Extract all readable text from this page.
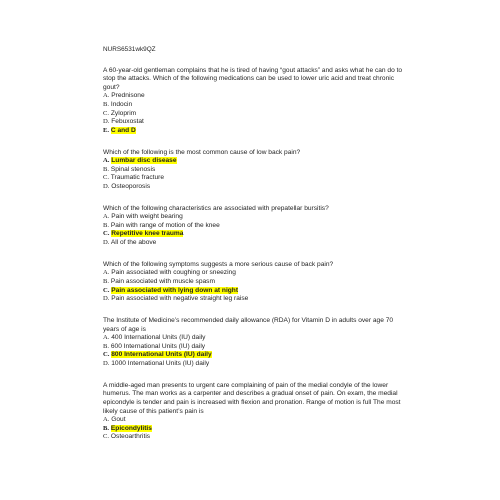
NURS6531wk9QZ
A 60-year-old gentleman complains that he is tired of having “gout attacks” and asks what he can do to stop the attacks. Which of the following medications can be used to lower uric acid and treat chronic gout?
A. Prednisone
B. Indocin
C. Zyloprim
D. Febuxostat
E. C and D
Which of the following is the most common cause of low back pain?
A. Lumbar disc disease
B. Spinal stenosis
C. Traumatic fracture
D. Osteoporosis
Which of the following characteristics are associated with prepatellar bursitis?
A. Pain with weight bearing
B. Pain with range of motion of the knee
C. Repetitive knee trauma
D. All of the above
Which of the following symptoms suggests a more serious cause of back pain?
A. Pain associated with coughing or sneezing
B. Pain associated with muscle spasm
C. Pain associated with lying down at night
D. Pain associated with negative straight leg raise
The Institute of Medicine’s recommended daily allowance (RDA) for Vitamin D in adults over age 70 years of age is
A. 400 International Units (IU) daily
B. 600 International Units (IU) daily
C. 800 International Units (IU) daily
D. 1000 International Units (IU) daily
A middle-aged man presents to urgent care complaining of pain of the medial condyle of the lower humerus. The man works as a carpenter and describes a gradual onset of pain. On exam, the medial epicondyle is tender and pain is increased with flexion and pronation. Range of motion is full The most likely cause of this patient’s pain is
A. Gout
B. Epicondylitis
C. Osteoarthritis
